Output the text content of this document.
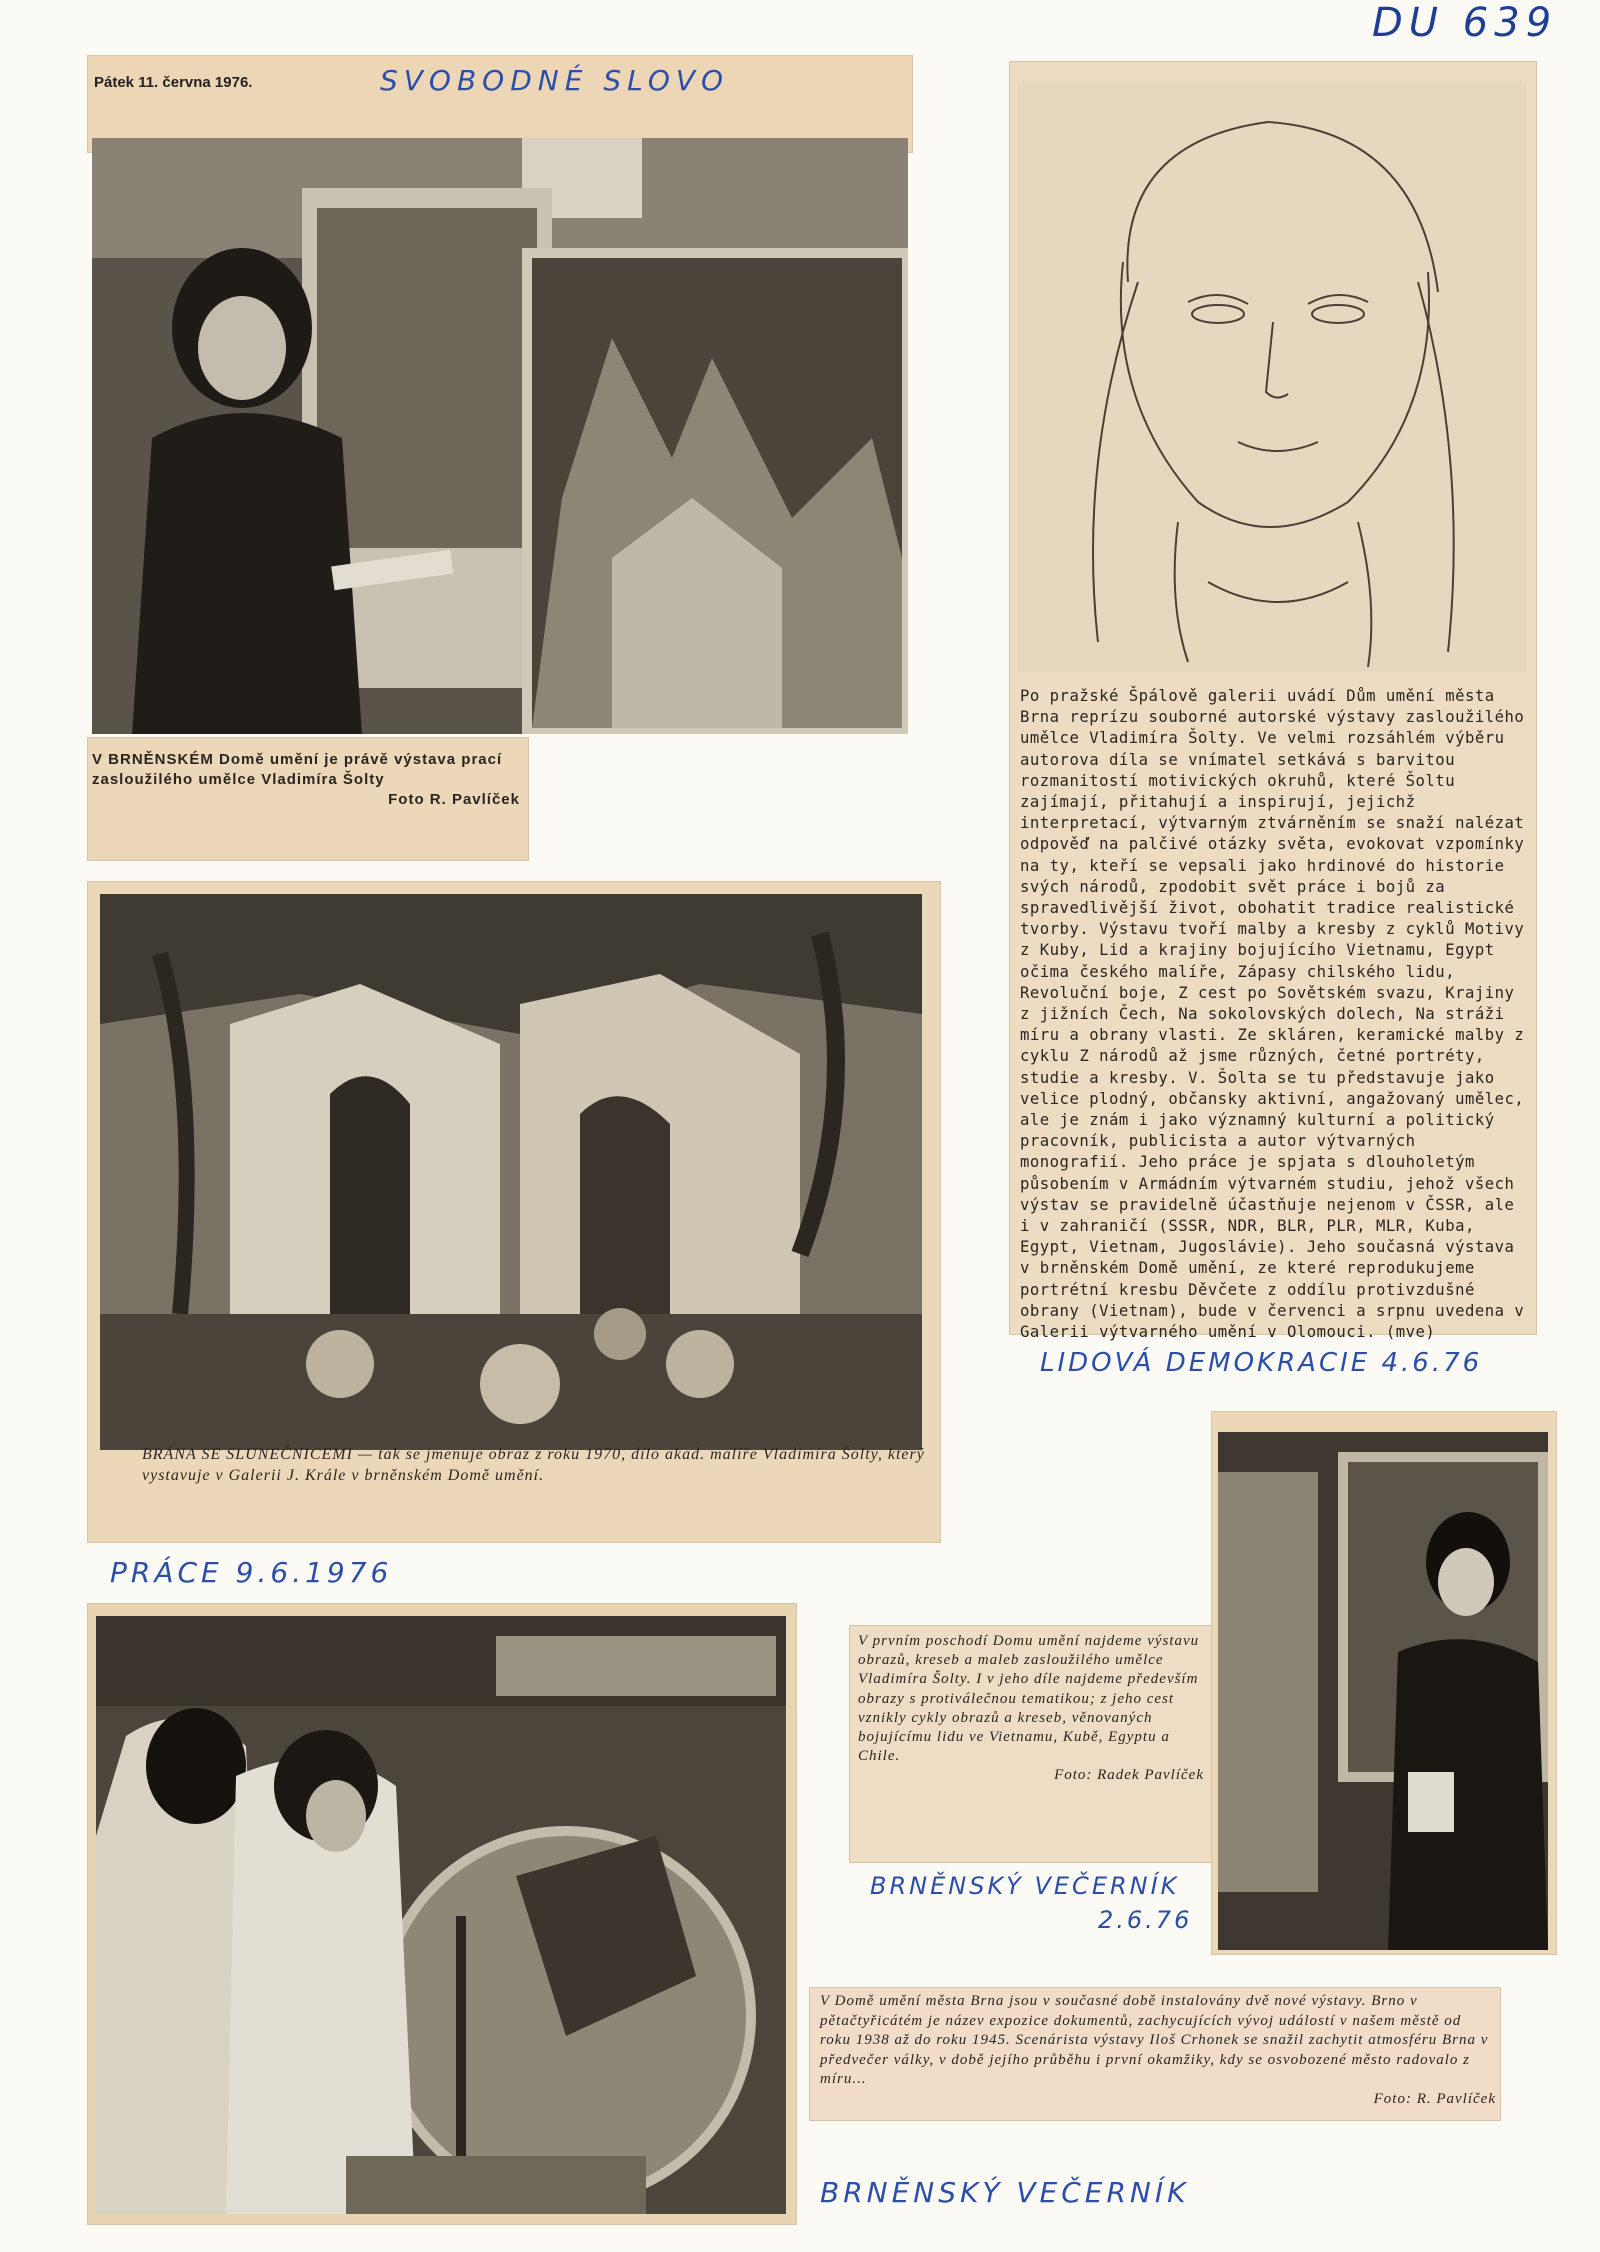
DU 639
Pátek 11. června 1976.	SVOBODNÉ SLOVO
V BRNĚNSKÉM Domě umění je právě výstava prací zasloužilého umělce Vladimíra Šolty
Foto R. Pavlíček
Po pražské Špálově galerii uvádí Dům umění města Brna reprízu souborné autorské výstavy zasloužilého umělce Vladimíra Šolty. Ve velmi rozsáhlém výběru autorova díla se vnímatel setkává s barvitou rozmanitostí motivických okruhů, které Šoltu zajímají, přitahují a inspirují, jejichž interpretací, výtvarným ztvárněním se snaží nalézat odpověď na palčivé otázky světa, evokovat vzpomínky na ty, kteří se vepsali jako hrdinové do historie svých národů, zpodobit svět práce i bojů za spravedlivější život, obohatit tradice realistické tvorby. Výstavu tvoří malby a kresby z cyklů Motivy z Kuby, Lid a krajiny bojujícího Vietnamu, Egypt očima českého malíře, Zápasy chilského lidu, Revoluční boje, Z cest po Sovětském svazu, Krajiny z jižních Čech, Na sokolovských dolech, Na stráži míru a obrany vlasti. Ze skláren, keramické malby z cyklu Z národů až jsme různých, četné portréty, studie a kresby. V. Šolta se tu představuje jako velice plodný, občansky aktivní, angažovaný umělec, ale je znám i jako významný kulturní a politický pracovník, publicista a autor výtvarných monografií. Jeho práce je spjata s dlouholetým působením v Armádním výtvarném studiu, jehož všech výstav se pravidelně účastňuje nejenom v ČSSR, ale i v zahraničí (SSSR, NDR, BLR, PLR, MLR, Kuba, Egypt, Vietnam, Jugoslávie). Jeho současná výstava v brněnském Domě umění, ze které reprodukujeme portrétní kresbu Děvčete z oddílu protivzdušné obrany (Vietnam), bude v červenci a srpnu uvedena v Galerii výtvarného umění v Olomouci. (mve)
LIDOVÁ DEMOKRACIE 4.6.76
BRÁNA SE SLUNEČNICEMI — tak se jmenuje obraz z roku 1970, dílo akad. malíře Vladimíra Šolty, který vystavuje v Galerii J. Krále v brněnském Domě umění.
PRÁCE 9.6.1976
V prvním poschodí Domu umění najdeme výstavu obrazů, kreseb a maleb zasloužilého umělce Vladimíra Šolty. I v jeho díle najdeme především obrazy s protiválečnou tematikou; z jeho cest vznikly cykly obrazů a kreseb, věnovaných bojujícímu lidu ve Vietnamu, Kubě, Egyptu a Chile.
Foto: Radek Pavlíček
BRNĚNSKÝ VEČERNÍK
2.6.76
V Domě umění města Brna jsou v současné době instalovány dvě nové výstavy. Brno v pětačtyřicátém je název expozice dokumentů, zachycujících vývoj událostí v našem městě od roku 1938 až do roku 1945. Scenárista výstavy Iloš Crhonek se snažil zachytit atmosféru Brna v předvečer války, v době jejího průběhu i první okamžiky, kdy se osvobozené město radovalo z míru...
Foto: R. Pavlíček
BRNĚNSKÝ VEČERNÍK
